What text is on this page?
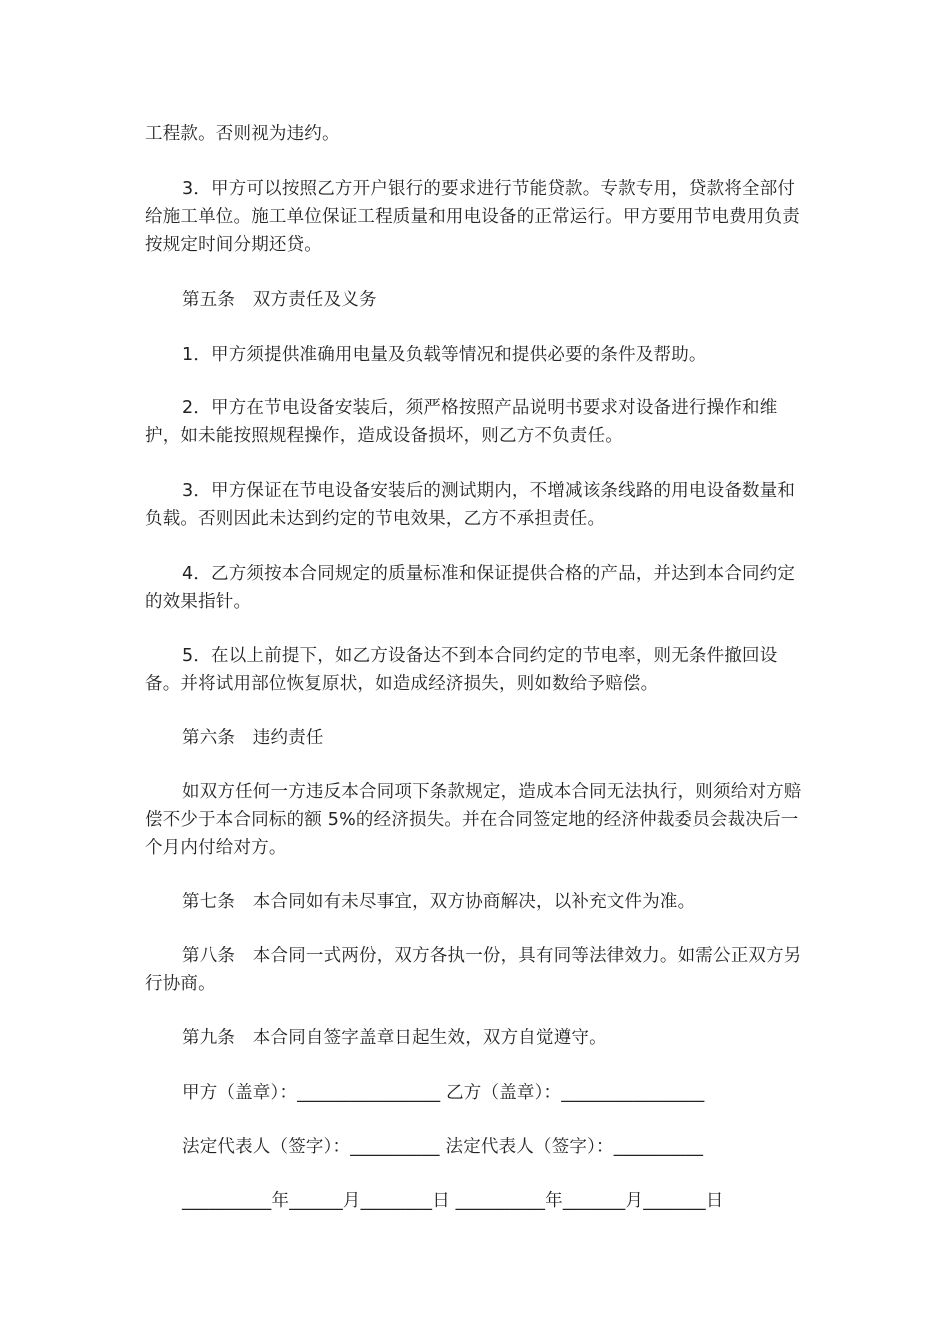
工程款。否则视为违约。

3．甲方可以按照乙方开户银行的要求进行节能贷款。专款专用，贷款将全部付给施工单位。施工单位保证工程质量和用电设备的正常运行。甲方要用节电费用负责按规定时间分期还贷。

第五条　双方责任及义务

1．甲方须提供准确用电量及负载等情况和提供必要的条件及帮助。

2．甲方在节电设备安装后，须严格按照产品说明书要求对设备进行操作和维护，如未能按照规程操作，造成设备损坏，则乙方不负责任。

3．甲方保证在节电设备安装后的测试期内，不增减该条线路的用电设备数量和负载。否则因此未达到约定的节电效果，乙方不承担责任。

4．乙方须按本合同规定的质量标准和保证提供合格的产品，并达到本合同约定的效果指针。

5．在以上前提下，如乙方设备达不到本合同约定的节电率，则无条件撤回设备。并将试用部位恢复原状，如造成经济损失，则如数给予赔偿。

第六条　违约责任

如双方任何一方违反本合同项下条款规定，造成本合同无法执行，则须给对方赔偿不少于本合同标的额 5%的经济损失。并在合同签定地的经济仲裁委员会裁决后一个月内付给对方。

第七条　本合同如有未尽事宜，双方协商解决，以补充文件为准。

第八条　本合同一式两份，双方各执一份，具有同等法律效力。如需公正双方另行协商。

第九条　本合同自签字盖章日起生效，双方自觉遵守。

甲方（盖章）：________________ 乙方（盖章）：________________
法定代表人（签字）：__________ 法定代表人（签字）：__________
__________年______月________日 __________年_______月_______日
